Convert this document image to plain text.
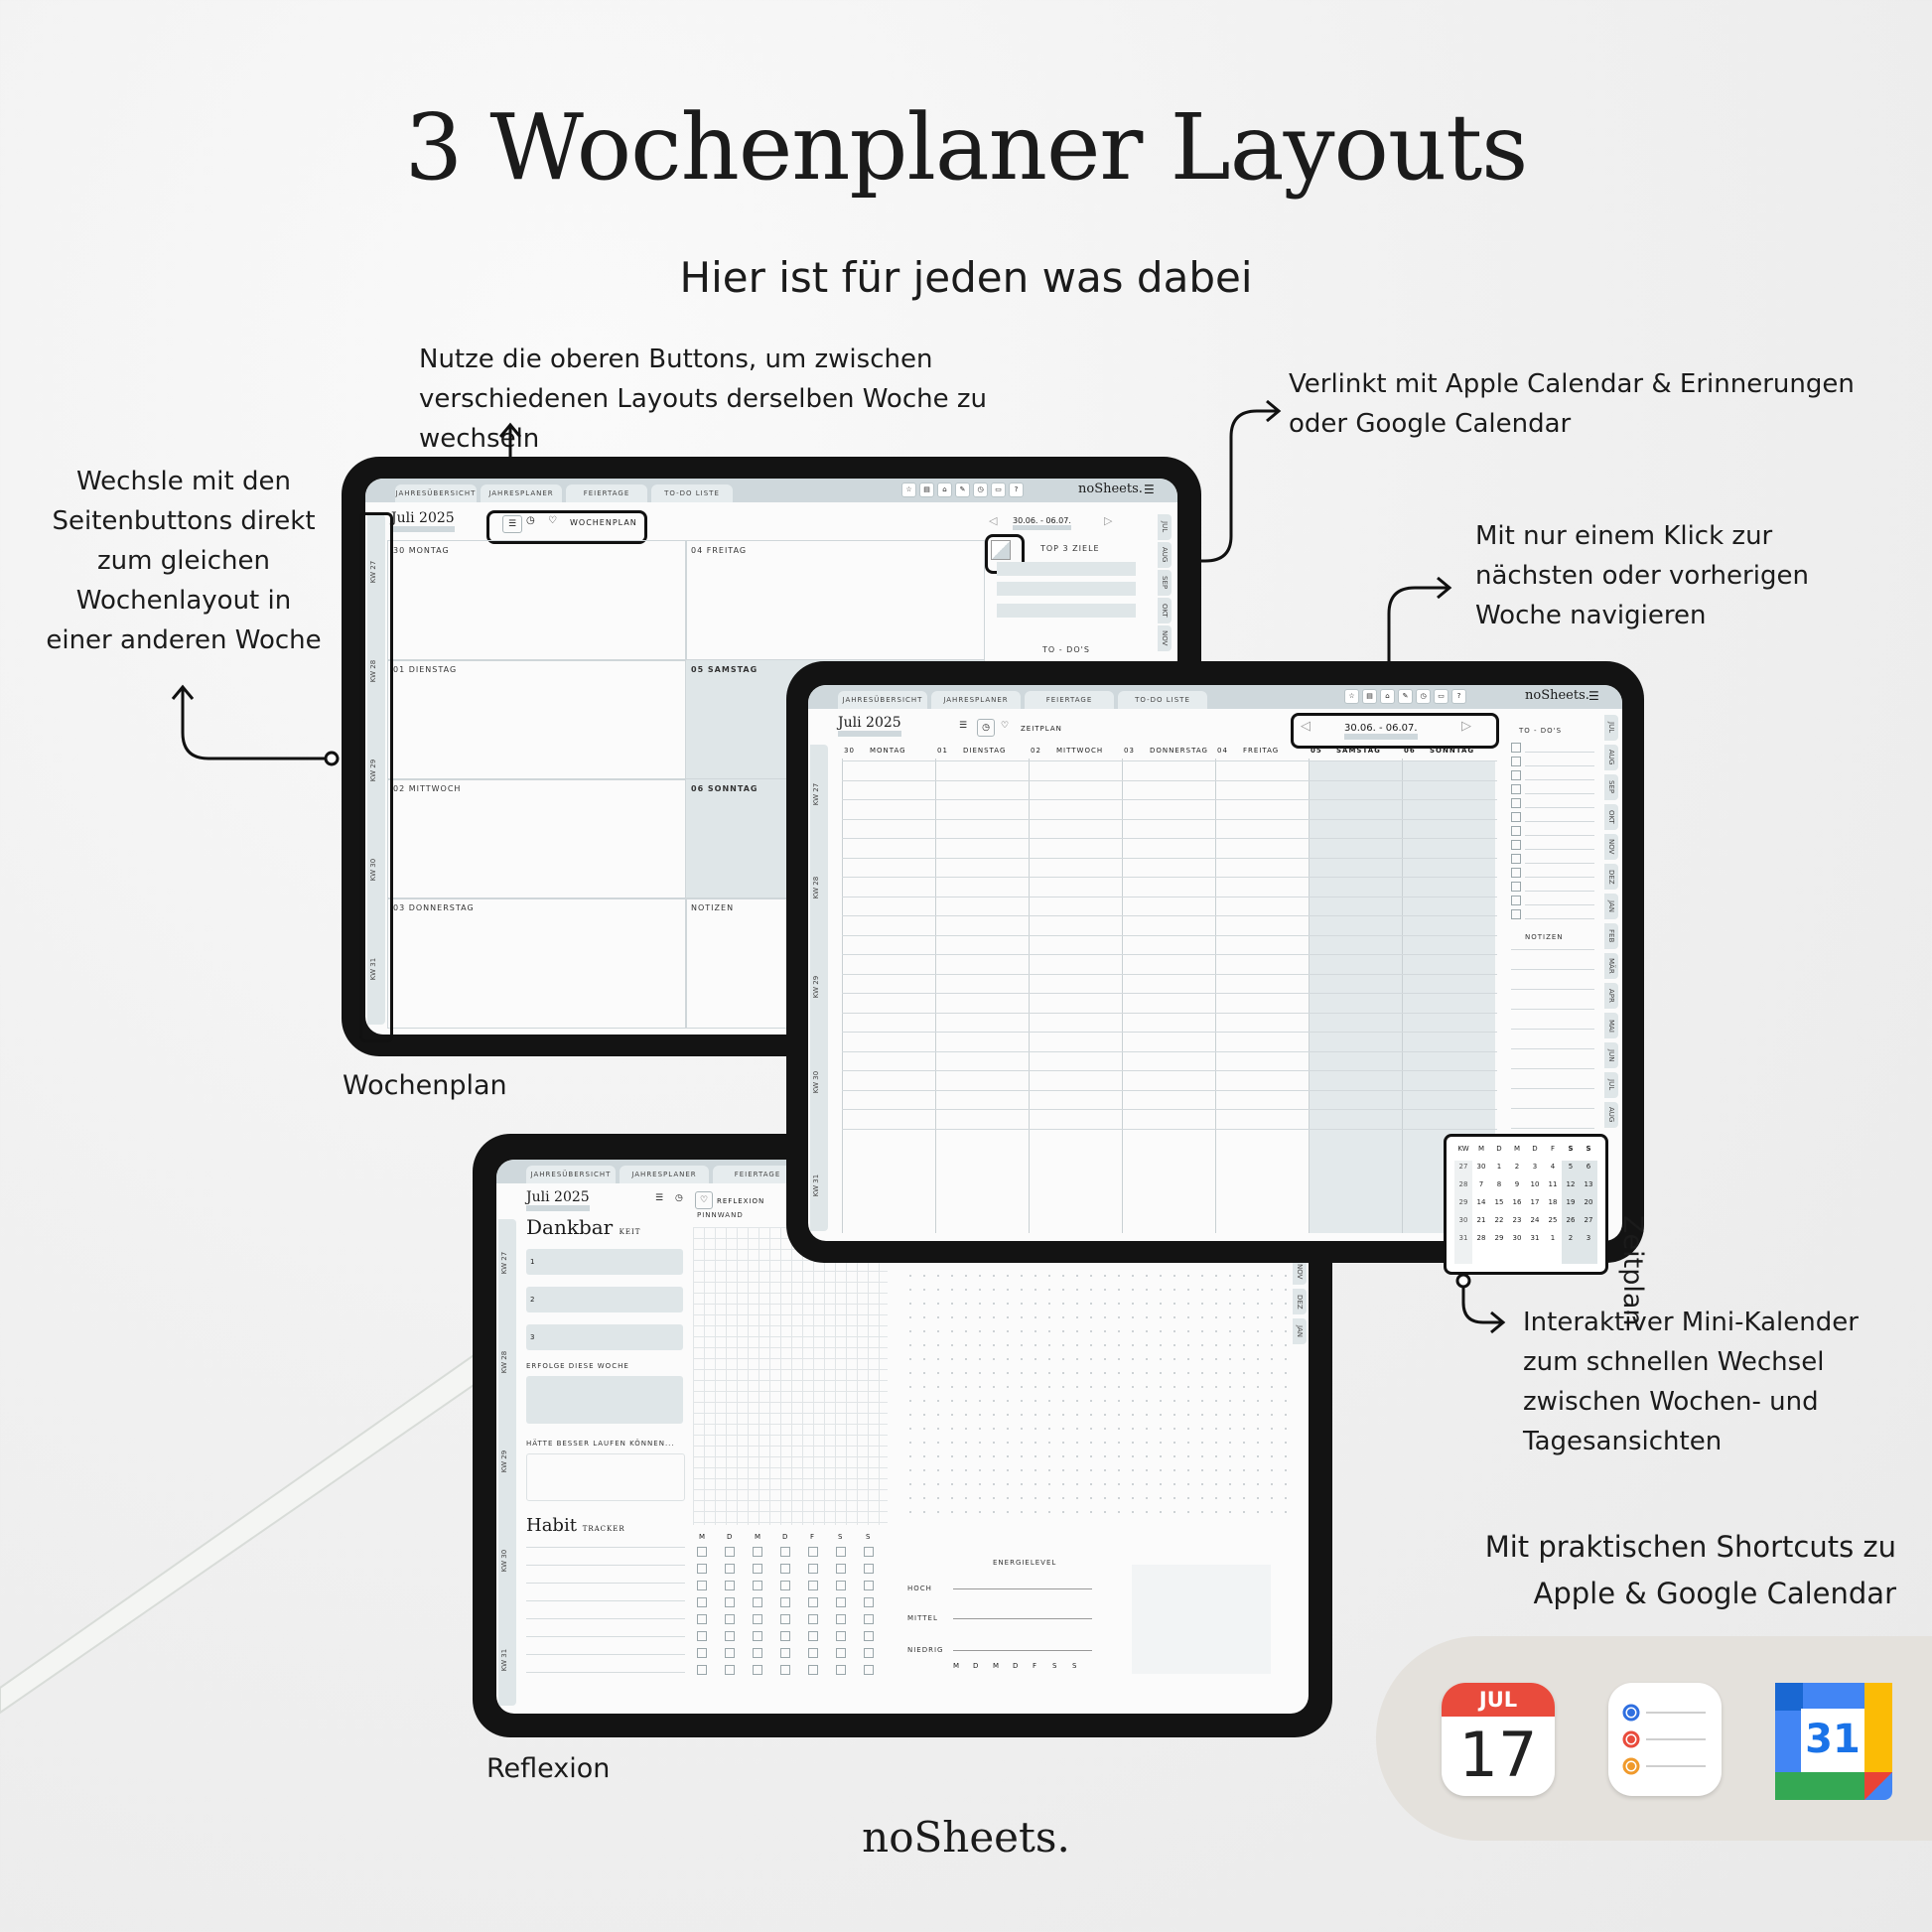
3 Wochenplaner Layouts
Hier ist für jeden was dabei
Nutze die oberen Buttons, um zwischen verschiedenen Layouts derselben Woche zu wechseln
Wechsle mit den Seitenbuttons direkt zum gleichen Wochenlayout in einer anderen Woche
Verlinkt mit Apple Calendar & Erinnerungen oder Google Calendar
Mit nur einem Klick zur nächsten oder vorherigen Woche navigieren
Interaktiver Mini-Kalender zum schnellen Wechsel zwischen Wochen- und Tagesansichten
Mit praktischen Shortcuts zu Apple & Google Calendar
JAHRESÜBERSICHT	JAHRESPLANER	FEIERTAGE	TO-DO LISTE	☆	▤	⌂	✎	◷	▭	?	noSheets. ☰
Juli 2025	☰ ◷ ♡ WOCHENPLAN	◁ 30.06. - 06.07.	▷
KW 27
KW 28
KW 29
KW 30
KW 31
30 MONTAG
01 DIENSTAG
02 MITTWOCH
03 DONNERSTAG
04 FREITAG
05 SAMSTAG
06 SONNTAG
NOTIZEN
TOP 3 ZIELE
TO - DO'S
JUL
AUG
SEP
OKT
NOV
Wochenplan
JAHRESÜBERSICHT	JAHRESPLANER	FEIERTAGE
Juli 2025	☰ ◷	♡	REFLEXION
KW 27
KW 28
KW 29
KW 30
KW 31
Dankbar KEIT
1
2
3
ERFOLGE DIESE WOCHE
HÄTTE BESSER LAUFEN KÖNNEN...
Habit TRACKER
PINNWAND
M	D	M	D	F	S	S
ENERGIELEVEL
HOCH
MITTEL
NIEDRIG
M D M D F S S
NOV
DEZ
JAN
Reflexion
JAHRESÜBERSICHT	JAHRESPLANER	FEIERTAGE	TO-DO LISTE	☆	▤	⌂	✎	◷	▭	?	noSheets. ☰
Juli 2025	☰	◷	♡ ZEITPLAN	◁	30.06. - 06.07.	▷
KW 27
KW 28
KW 29
KW 30
KW 31
30 MONTAG	01 DIENSTAG	02 MITTWOCH	03 DONNERSTAG 04 FREITAG	05 SAMSTAG	06 SONNTAG
TO - DO'S
NOTIZEN
JUL
AUG
SEP
OKT
NOV
DEZ
JAN
FEB
MÄR
APR
MAI
JUN
JUL
AUG
KW	M	D	M	D	F	S	S
27	30	1	2	3	4	5	6
28	7	8	9	10	11	12	13
29	14	15	16	17	18	19	20
30	21	22	23	24	25	26	27
31	28	29	30	31	1	2	3 Zeitplan
JUL
17	31
noSheets.
